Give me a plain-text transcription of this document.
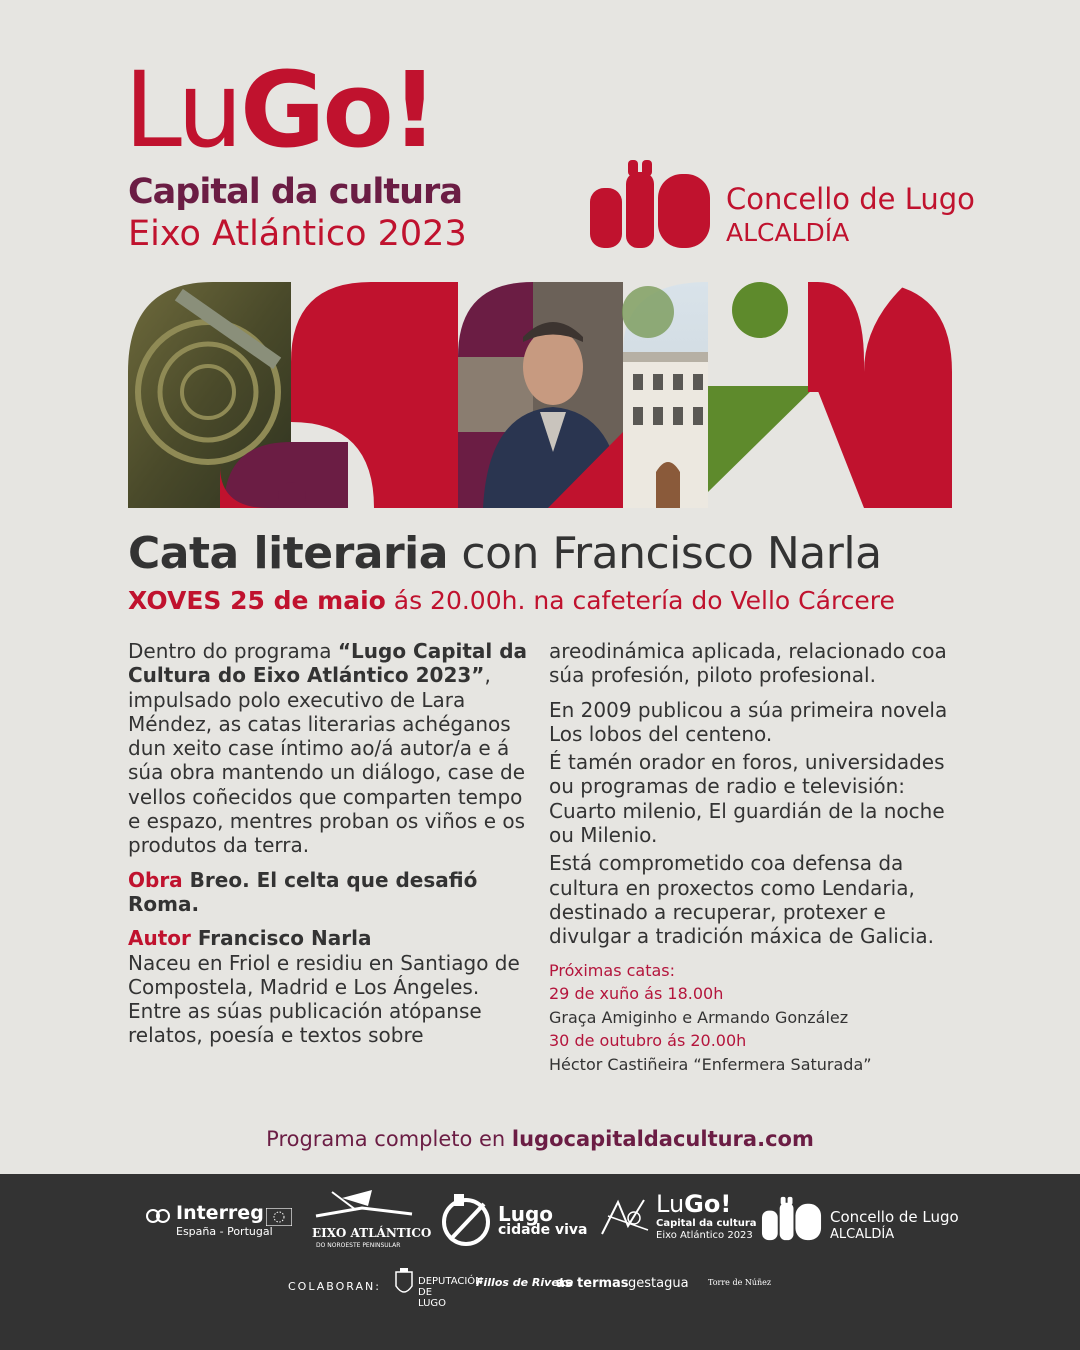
LuGo!
Capital da cultura
Eixo Atlántico 2023
Concello de Lugo
ALCALDÍA
Cata literaria con Francisco Narla
XOVES 25 de maio ás 20.00h. na cafetería do Vello Cárcere

Dentro do programa “Lugo Capital da Cultura do Eixo Atlántico 2023”, impulsado polo executivo de Lara Méndez, as catas literarias achéganos dun xeito case íntimo ao/á autor/a e á súa obra mantendo un diálogo, case de vellos coñecidos que comparten tempo e espazo, mentres proban os viños e os produtos da terra.

Obra Breo. El celta que desafió Roma.

Autor Francisco Narla

Naceu en Friol e residiu en Santiago de Compostela, Madrid e Los Ángeles.

Entre as súas publicación atópanse relatos, poesía e textos sobre

areodinámica aplicada, relacionado coa súa profesión, piloto profesional.

En 2009 publicou a súa primeira novela Los lobos del centeno.

É tamén orador en foros, universidades ou programas de radio e televisión: Cuarto milenio, El guardián de la noche ou Milenio.

Está comprometido coa defensa da cultura en proxectos como Lendaria, destinado a recuperar, protexer e divulgar a tradición máxica de Galicia.

Próximas catas:
29 de xuño ás 18.00h
Graça Amiginho e Armando González
30 de outubro ás 20.00h
Héctor Castiñeira “Enfermera Saturada”
Programa completo en lugocapitaldacultura.com
Interreg
España - Portugal	EIXO ATLÁNTICO
DO NOROESTE PENINSULAR
Lugo
cidade viva
LuGo!
Capital da cultura
Eixo Atlántico 2023
Concello de Lugo
ALCALDÍA
COLABORAN:	DEPUTACIÓN DE LUGO
Fillos de Riveka
as termas gestagua Torre de Núñez
